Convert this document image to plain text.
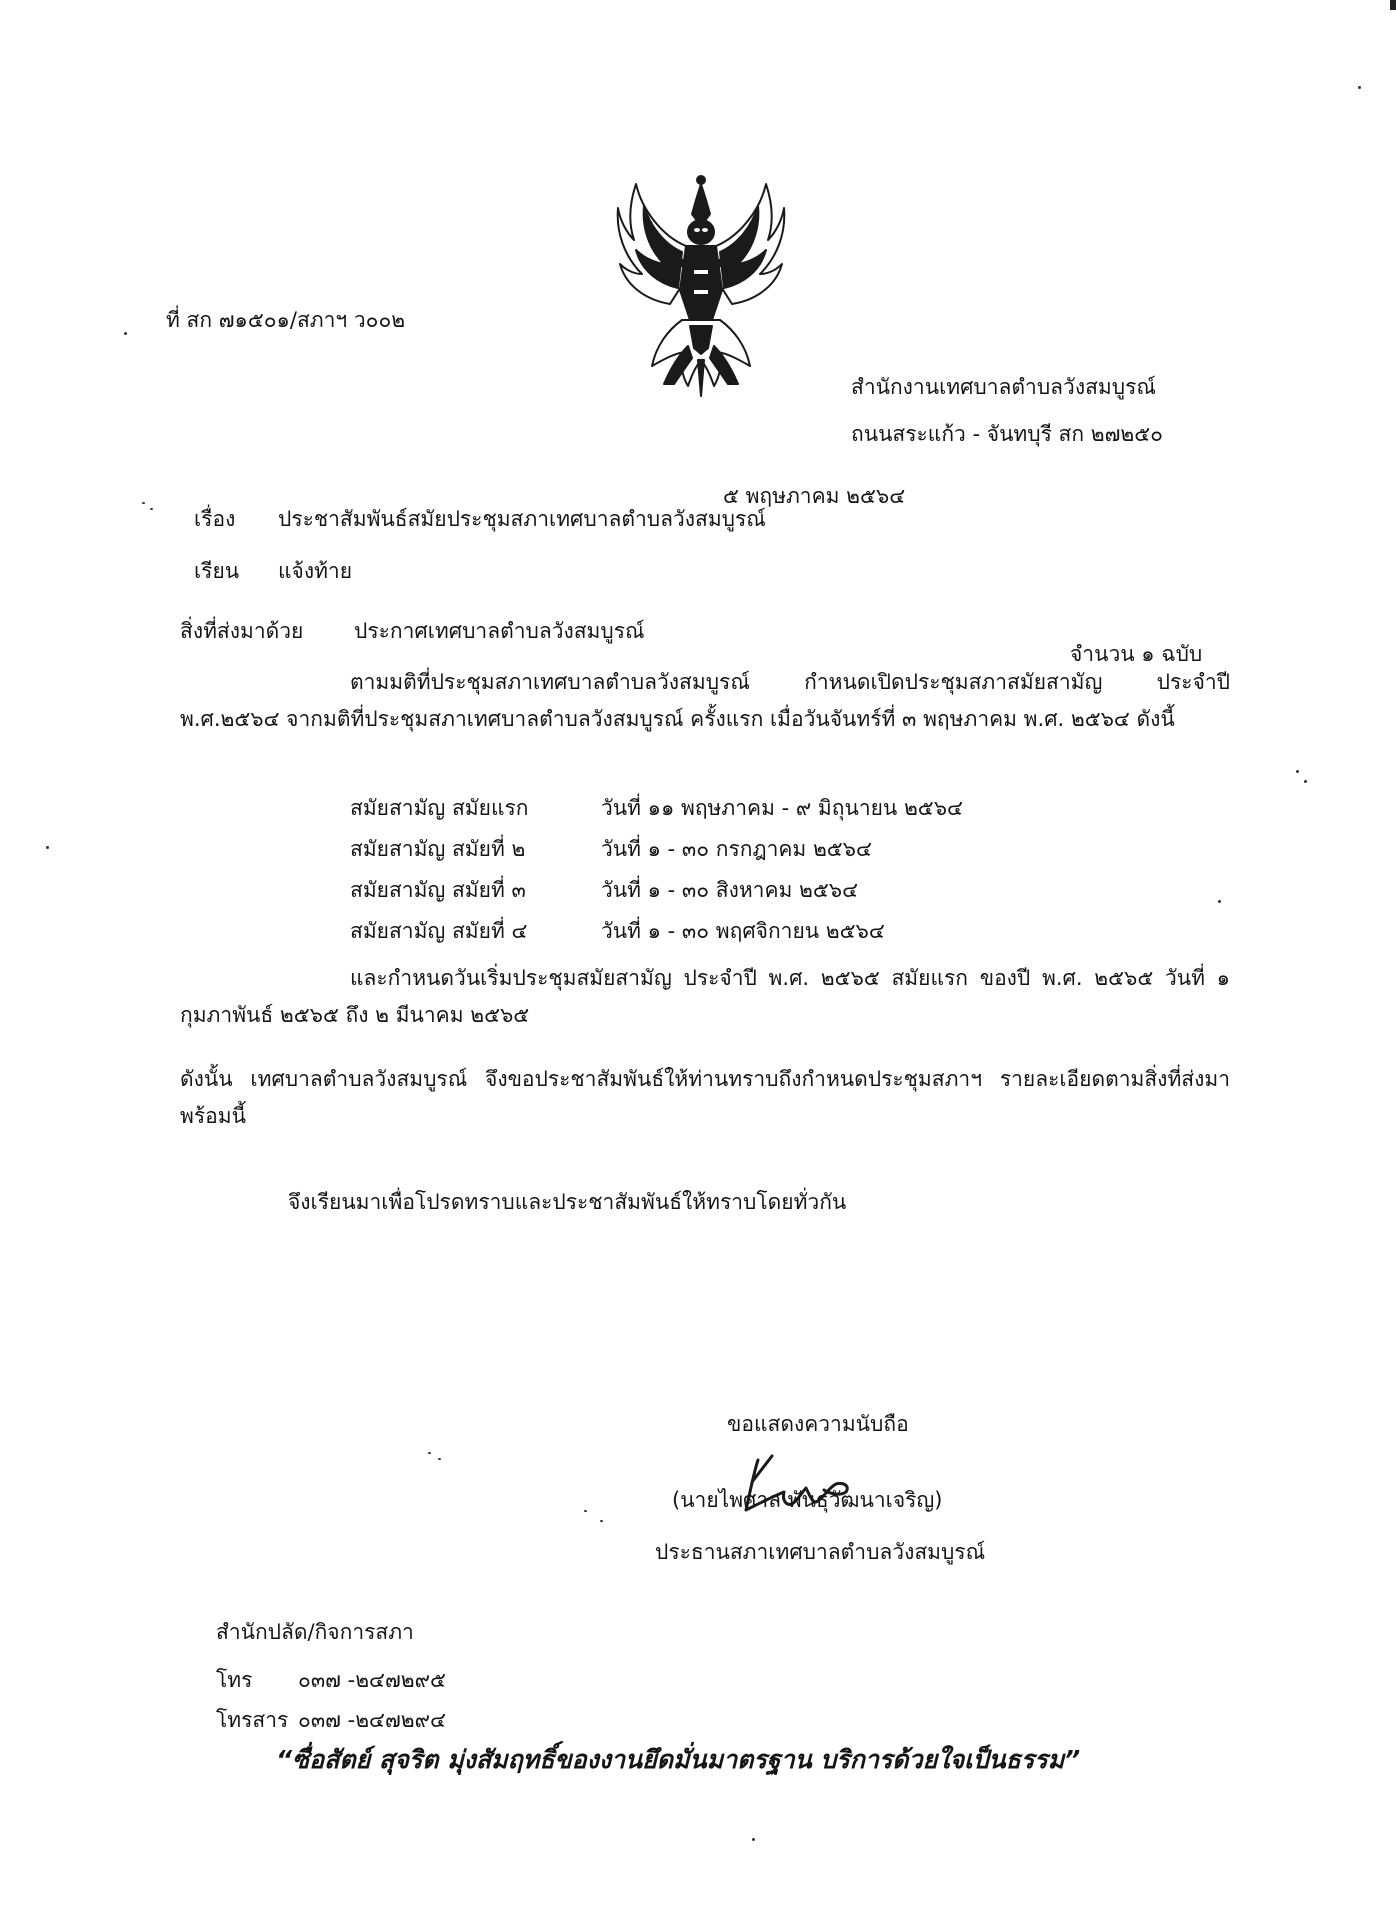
ที่ สก ๗๑๕๐๑/สภาฯ ว๐๐๒
สำนักงานเทศบาลตำบลวังสมบูรณ์
ถนนสระแก้ว - จันทบุรี สก ๒๗๒๕๐
๕ พฤษภาคม ๒๕๖๔
เรื่อง ประชาสัมพันธ์สมัยประชุมสภาเทศบาลตำบลวังสมบูรณ์
เรียน แจ้งท้าย
สิ่งที่ส่งมาด้วย ประกาศเทศบาลตำบลวังสมบูรณ์
จำนวน ๑ ฉบับ
ตามมติที่ประชุมสภาเทศบาลตำบลวังสมบูรณ์ กำหนดเปิดประชุมสภาสมัยสามัญ ประจำปี พ.ศ.๒๕๖๔ จากมติที่ประชุมสภาเทศบาลตำบลวังสมบูรณ์ ครั้งแรก เมื่อวันจันทร์ที่ ๓ พฤษภาคม พ.ศ. ๒๕๖๔ ดังนี้
สมัยสามัญ สมัยแรก	วันที่ ๑๑ พฤษภาคม - ๙ มิถุนายน ๒๕๖๔
สมัยสามัญ สมัยที่ ๒	วันที่ ๑ - ๓๐ กรกฎาคม ๒๕๖๔
สมัยสามัญ สมัยที่ ๓	วันที่ ๑ - ๓๐ สิงหาคม ๒๕๖๔
สมัยสามัญ สมัยที่ ๔	วันที่ ๑ - ๓๐ พฤศจิกายน ๒๕๖๔
และกำหนดวันเริ่มประชุมสมัยสามัญ ประจำปี พ.ศ. ๒๕๖๕ สมัยแรก ของปี พ.ศ. ๒๕๖๕ วันที่ ๑ กุมภาพันธ์ ๒๕๖๕ ถึง ๒ มีนาคม ๒๕๖๕
ดังนั้น เทศบาลตำบลวังสมบูรณ์ จึงขอประชาสัมพันธ์ให้ท่านทราบถึงกำหนดประชุมสภาฯ รายละเอียดตามสิ่งที่ส่งมาพร้อมนี้
จึงเรียนมาเพื่อโปรดทราบและประชาสัมพันธ์ให้ทราบโดยทั่วกัน
ขอแสดงความนับถือ
(นายไพศาล พันธุวัฒนาเจริญ)
ประธานสภาเทศบาลตำบลวังสมบูรณ์
สำนักปลัด/กิจการสภา
โทร ๐๓๗ -๒๔๗๒๙๕
โทรสาร ๐๓๗ -๒๔๗๒๙๔
“ซื่อสัตย์ สุจริต มุ่งสัมฤทธิ์ของงานยึดมั่นมาตรฐาน บริการด้วยใจเป็นธรรม”
